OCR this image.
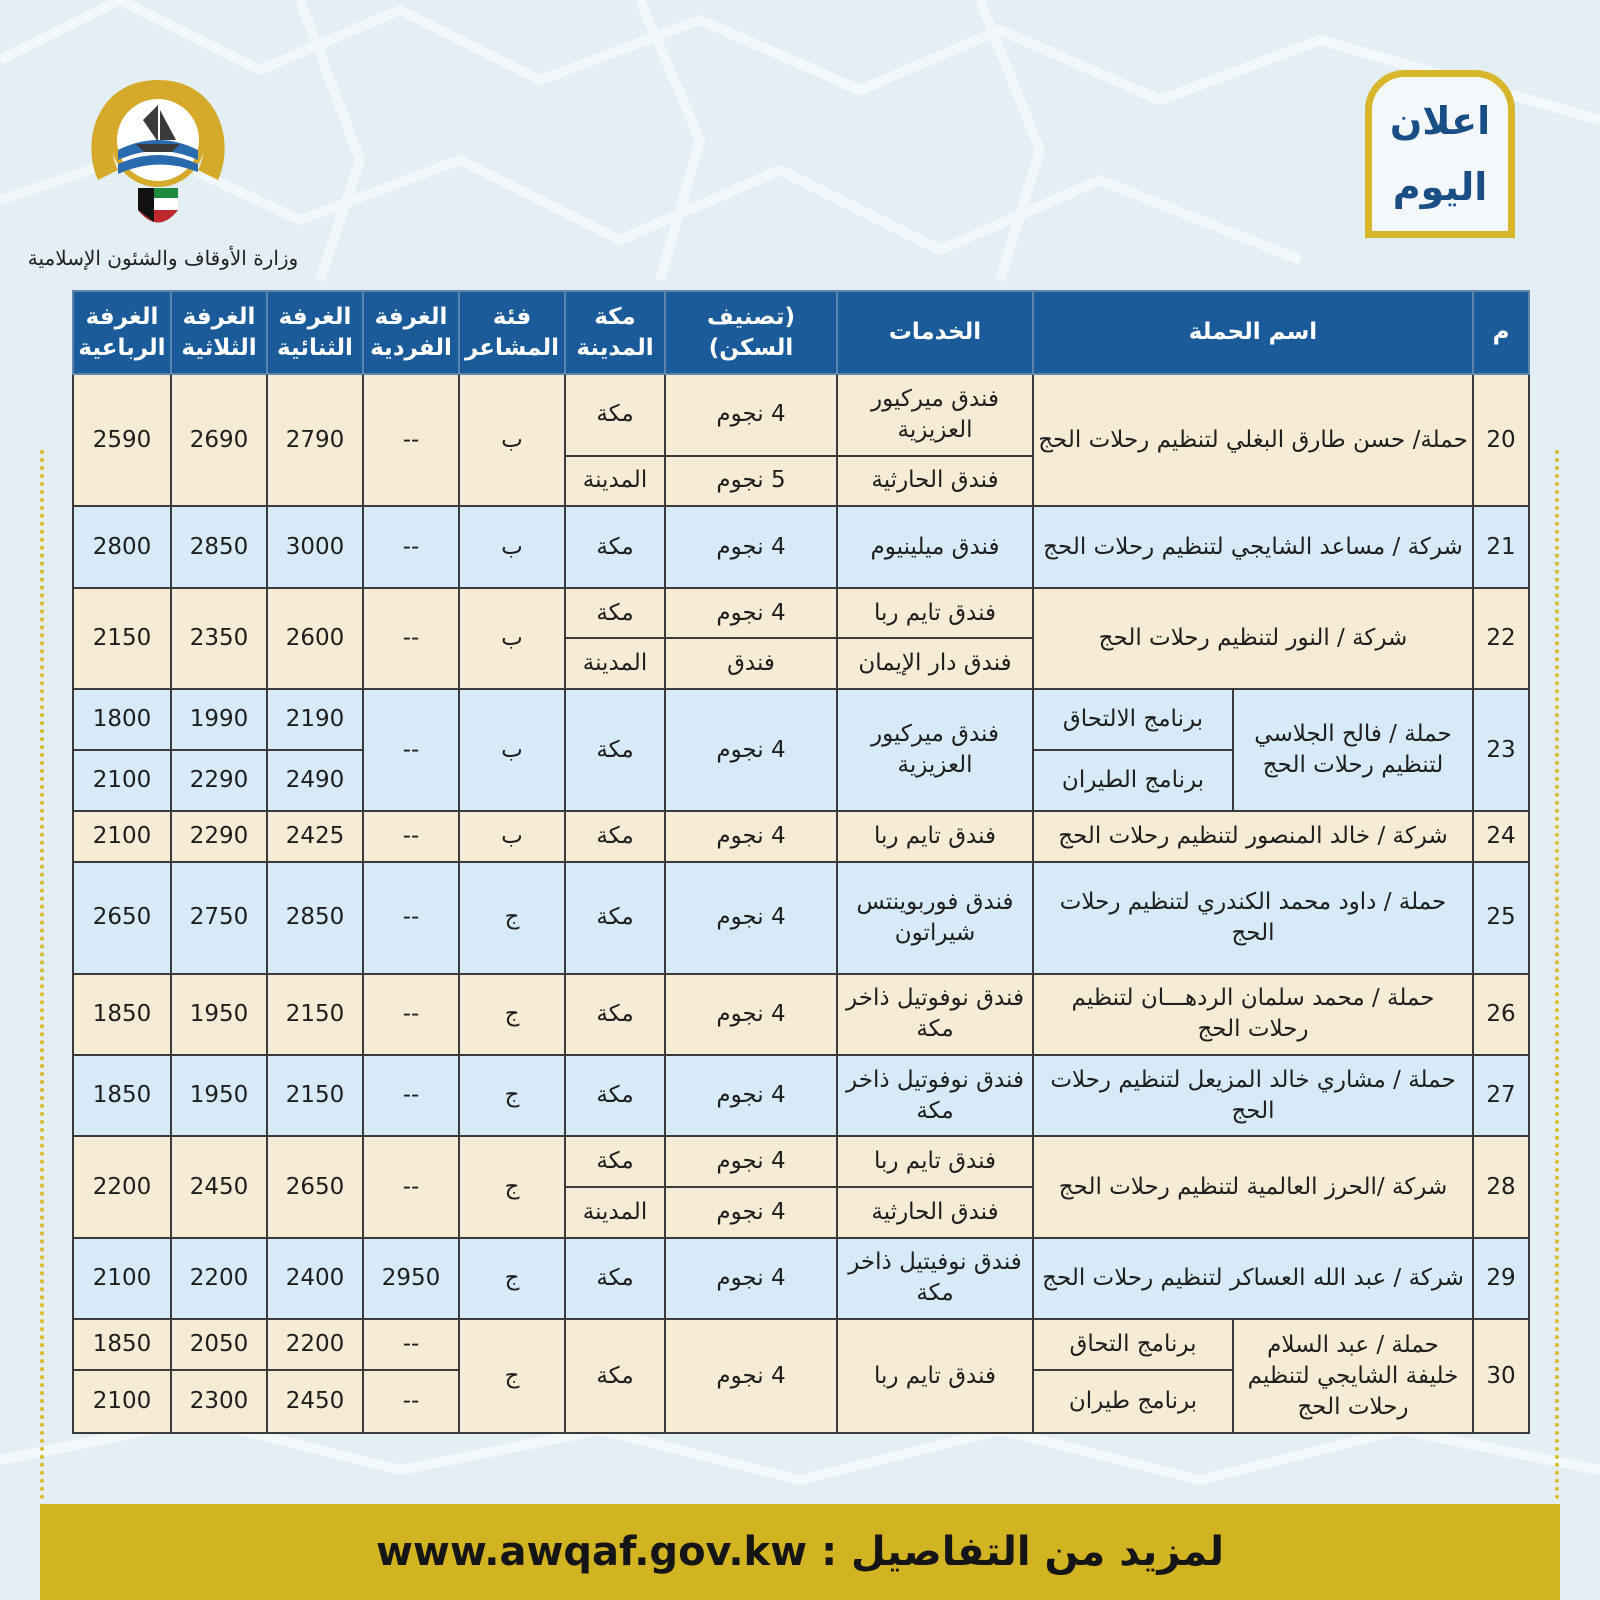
وزارة الأوقاف والشئون الإسلامية
اعلان
اليوم
م	اسم الحملة		الخدمات	(تصنيف السكن)	مكة المدينة	فئة المشاعر	الغرفة الفردية	الغرفة الثنائية	الغرفة الثلاثية	الغرفة الرباعية
20	حملة/ حسن طارق البغلي لتنظيم رحلات الحج		فندق ميركيور العزيزية	4 نجوم	مكة	ب	--	2790	2690	2590
			فندق الحارثية	5 نجوم	المدينة					
21	شركة / مساعد الشايجي لتنظيم رحلات الحج		فندق ميلينيوم	4 نجوم	مكة	ب	--	3000	2850	2800
22	شركة / النور لتنظيم رحلات الحج		فندق تايم ربا	4 نجوم	مكة	ب	--	2600	2350	2150
			فندق دار الإيمان	فندق	المدينة					
23	حملة / فالح الجلاسي لتنظيم رحلات الحج	برنامج الالتحاق	فندق ميركيور العزيزية	4 نجوم	مكة	ب	--	2190	1990	1800
		برنامج الطيران						2490	2290	2100
24	شركة / خالد المنصور لتنظيم رحلات الحج		فندق تايم ربا	4 نجوم	مكة	ب	--	2425	2290	2100
25	حملة / داود محمد الكندري لتنظيم رحلات الحج		فندق فوربوينتس شيراتون	4 نجوم	مكة	ج	--	2850	2750	2650
26	حملة / محمد سلمان الردهـــان لتنظيم رحلات الحج		فندق نوفوتيل ذاخر مكة	4 نجوم	مكة	ج	--	2150	1950	1850
27	حملة / مشاري خالد المزيعل لتنظيم رحلات الحج		فندق نوفوتيل ذاخر مكة	4 نجوم	مكة	ج	--	2150	1950	1850
28	شركة /الحرز العالمية لتنظيم رحلات الحج		فندق تايم ربا	4 نجوم	مكة	ج	--	2650	2450	2200
			فندق الحارثية	4 نجوم	المدينة					
29	شركة / عبد الله العساكر لتنظيم رحلات الحج		فندق نوفيتيل ذاخر مكة	4 نجوم	مكة	ج	2950	2400	2200	2100
30	حملة / عبد السلام خليفة الشايجي لتنظيم رحلات الحج	برنامج التحاق	فندق تايم ربا	4 نجوم	مكة	ج	--	2200	2050	1850
		برنامج طيران					--	2450	2300	2100
www.awqaf.gov.kw لمزيد من التفاصيل :
